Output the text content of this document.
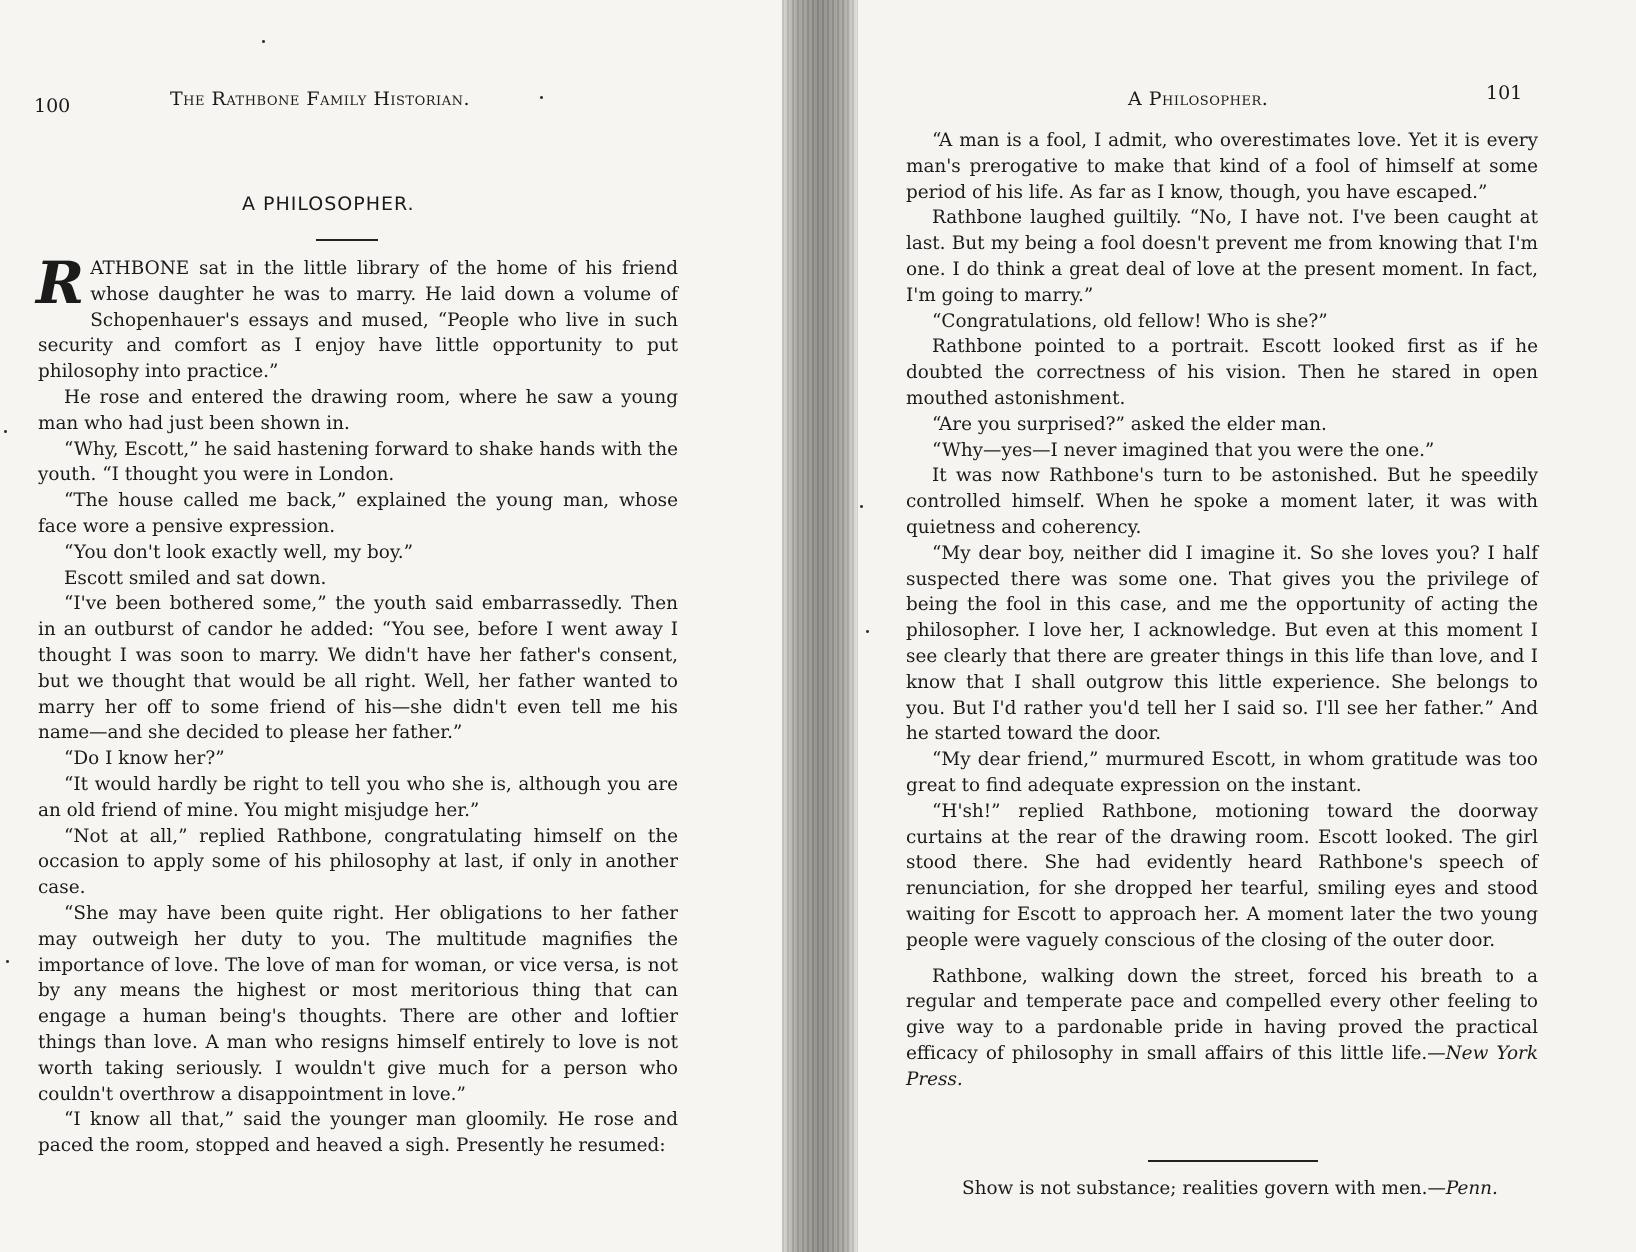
100	The Rathbone Family Historian.
A PHILOSOPHER.

RATHBONE sat in the little library of the home of his friend whose daughter he was to marry. He laid down a volume of Schopenhauer's essays and mused, “People who live in such security and comfort as I enjoy have little opportunity to put philosophy into practice.”

He rose and entered the drawing room, where he saw a young man who had just been shown in.

“Why, Escott,” he said hastening forward to shake hands with the youth. “I thought you were in London.

“The house called me back,” explained the young man, whose face wore a pensive expression.

“You don't look exactly well, my boy.”

Escott smiled and sat down.

“I've been bothered some,” the youth said embarrassedly. Then in an outburst of candor he added: “You see, before I went away I thought I was soon to marry. We didn't have her father's consent, but we thought that would be all right. Well, her father wanted to marry her off to some friend of his—she didn't even tell me his name—and she decided to please her father.”

“Do I know her?”

“It would hardly be right to tell you who she is, although you are an old friend of mine. You might misjudge her.”

“Not at all,” replied Rathbone, congratulating himself on the occasion to apply some of his philosophy at last, if only in another case.

“She may have been quite right. Her obligations to her father may outweigh her duty to you. The multitude magnifies the importance of love. The love of man for woman, or vice versa, is not by any means the highest or most meritorious thing that can engage a human being's thoughts. There are other and loftier things than love. A man who resigns himself entirely to love is not worth taking seriously. I wouldn't give much for a person who couldn't overthrow a disappointment in love.”

“I know all that,” said the younger man gloomily. He rose and paced the room, stopped and heaved a sigh. Presently he resumed:

A Philosopher.	101

“A man is a fool, I admit, who overestimates love. Yet it is every man's prerogative to make that kind of a fool of himself at some period of his life. As far as I know, though, you have escaped.”

Rathbone laughed guiltily. “No, I have not. I've been caught at last. But my being a fool doesn't prevent me from knowing that I'm one. I do think a great deal of love at the present moment. In fact, I'm going to marry.”

“Congratulations, old fellow! Who is she?”

Rathbone pointed to a portrait. Escott looked first as if he doubted the correctness of his vision. Then he stared in open mouthed astonishment.

“Are you surprised?” asked the elder man.

“Why—yes—I never imagined that you were the one.”

It was now Rathbone's turn to be astonished. But he speedily controlled himself. When he spoke a moment later, it was with quietness and coherency.

“My dear boy, neither did I imagine it. So she loves you? I half suspected there was some one. That gives you the privilege of being the fool in this case, and me the opportunity of acting the philosopher. I love her, I acknowledge. But even at this moment I see clearly that there are greater things in this life than love, and I know that I shall outgrow this little experience. She belongs to you. But I'd rather you'd tell her I said so. I'll see her father.” And he started toward the door.

“My dear friend,” murmured Escott, in whom gratitude was too great to find adequate expression on the instant.

“H'sh!” replied Rathbone, motioning toward the doorway curtains at the rear of the drawing room. Escott looked. The girl stood there. She had evidently heard Rathbone's speech of renunciation, for she dropped her tearful, smiling eyes and stood waiting for Escott to approach her. A moment later the two young people were vaguely conscious of the closing of the outer door.

Rathbone, walking down the street, forced his breath to a regular and temperate pace and compelled every other feeling to give way to a pardonable pride in having proved the practical efficacy of philosophy in small affairs of this little life.—New York Press.

Show is not substance; realities govern with men.—Penn.
